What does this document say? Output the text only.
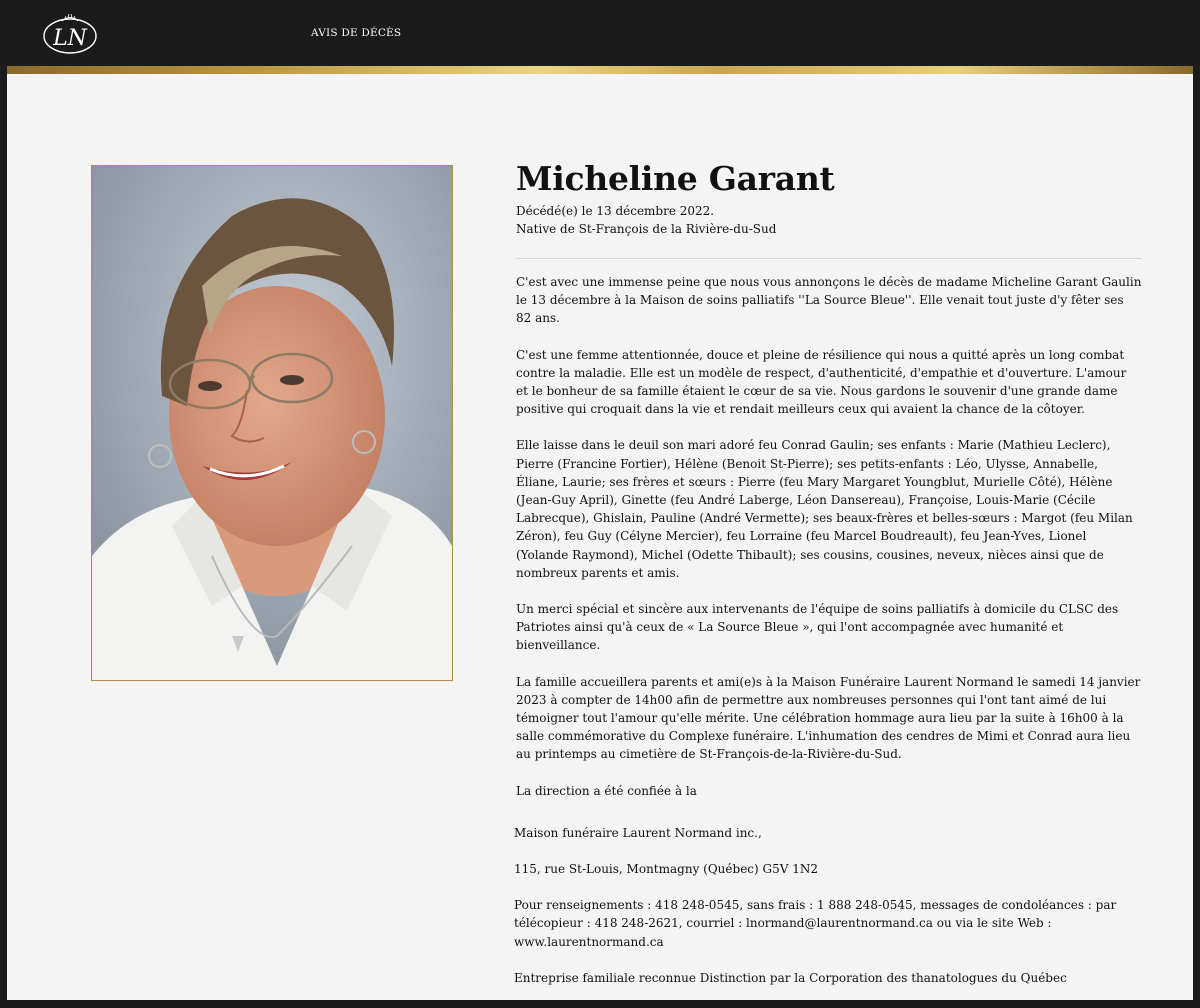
LN	AVIS DE DÉCÈS
Micheline Garant
Décédé(e) le 13 décembre 2022.
Native de St-François de la Rivière-du-Sud

C'est avec une immense peine que nous vous annonçons le décès de madame Micheline Garant Gaulin le 13 décembre à la Maison de soins palliatifs ''La Source Bleue''. Elle venait tout juste d'y fêter ses 82 ans.

C'est une femme attentionnée, douce et pleine de résilience qui nous a quitté après un long combat contre la maladie. Elle est un modèle de respect, d'authenticité, d'empathie et d'ouverture. L'amour et le bonheur de sa famille étaient le cœur de sa vie. Nous gardons le souvenir d'une grande dame positive qui croquait dans la vie et rendait meilleurs ceux qui avaient la chance de la côtoyer.

Elle laisse dans le deuil son mari adoré feu Conrad Gaulin; ses enfants : Marie (Mathieu Leclerc), Pierre (Francine Fortier), Hélène (Benoit St-Pierre); ses petits-enfants : Léo, Ulysse, Annabelle, Éliane, Laurie; ses frères et sœurs : Pierre (feu Mary Margaret Youngblut, Murielle Côté), Hélène (Jean-Guy April), Ginette (feu André Laberge, Léon Dansereau), Françoise, Louis-Marie (Cécile Labrecque), Ghislain, Pauline (André Vermette); ses beaux-frères et belles-sœurs : Margot (feu Milan Zéron), feu Guy (Célyne Mercier), feu Lorraine (feu Marcel Boudreault), feu Jean-Yves, Lionel (Yolande Raymond), Michel (Odette Thibault); ses cousins, cousines, neveux, nièces ainsi que de nombreux parents et amis.

Un merci spécial et sincère aux intervenants de l'équipe de soins palliatifs à domicile du CLSC des Patriotes ainsi qu'à ceux de « La Source Bleue », qui l'ont accompagnée avec humanité et bienveillance.

La famille accueillera parents et ami(e)s à la Maison Funéraire Laurent Normand le samedi 14 janvier 2023 à compter de 14h00 afin de permettre aux nombreuses personnes qui l'ont tant aimé de lui témoigner tout l'amour qu'elle mérite. Une célébration hommage aura lieu par la suite à 16h00 à la salle commémorative du Complexe funéraire. L'inhumation des cendres de Mimi et Conrad aura lieu au printemps au cimetière de St-François-de-la-Rivière-du-Sud.

La direction a été confiée à la

Maison funéraire Laurent Normand inc.,

115, rue St-Louis, Montmagny (Québec) G5V 1N2

Pour renseignements : 418 248-0545, sans frais : 1 888 248-0545, messages de condoléances : par télécopieur : 418 248-2621, courriel : lnormand@laurentnormand.ca ou via le site Web : www.laurentnormand.ca

Entreprise familiale reconnue Distinction par la Corporation des thanatologues du Québec
